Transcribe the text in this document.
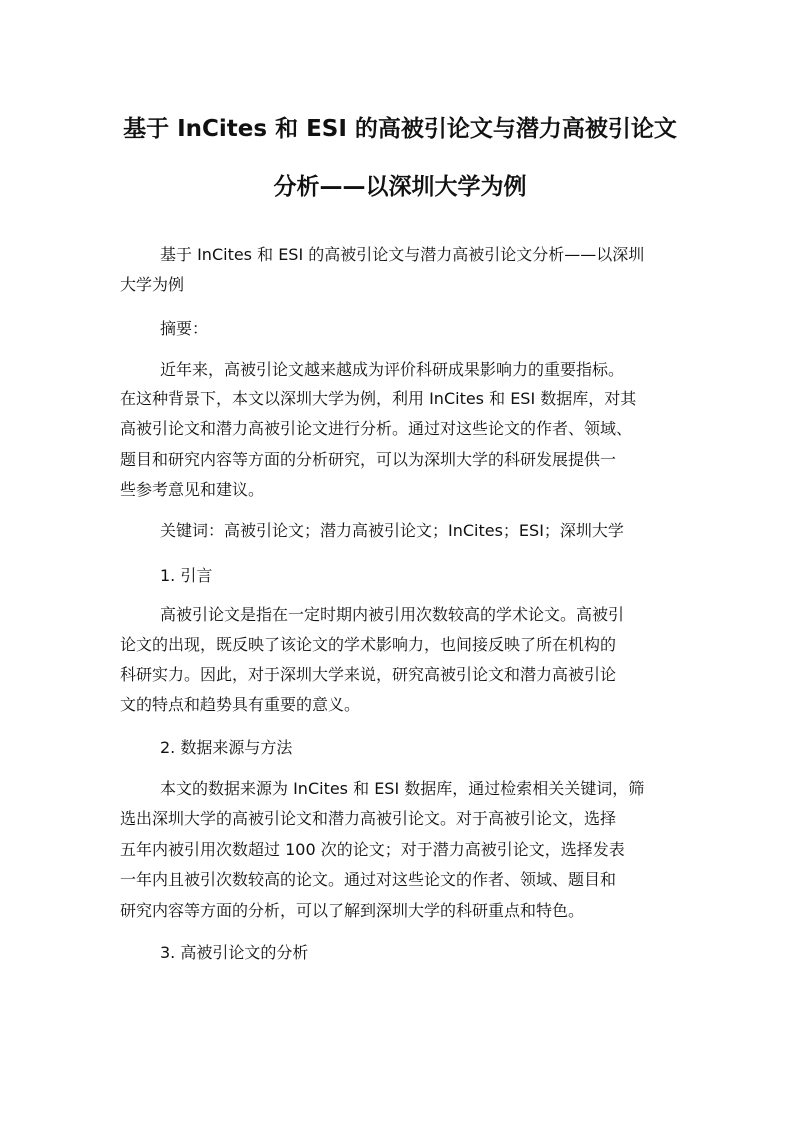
基于 InCites 和 ESI 的高被引论文与潜力高被引论文
分析——以深圳大学为例
基于 InCites 和 ESI 的高被引论文与潜力高被引论文分析——以深圳
大学为例
摘要：
近年来，高被引论文越来越成为评价科研成果影响力的重要指标。
在这种背景下，本文以深圳大学为例，利用 InCites 和 ESI 数据库，对其
高被引论文和潜力高被引论文进行分析。通过对这些论文的作者、领域、
题目和研究内容等方面的分析研究，可以为深圳大学的科研发展提供一
些参考意见和建议。
关键词：高被引论文；潜力高被引论文；InCites；ESI；深圳大学
1. 引言
高被引论文是指在一定时期内被引用次数较高的学术论文。高被引
论文的出现，既反映了该论文的学术影响力，也间接反映了所在机构的
科研实力。因此，对于深圳大学来说，研究高被引论文和潜力高被引论
文的特点和趋势具有重要的意义。
2. 数据来源与方法
本文的数据来源为 InCites 和 ESI 数据库，通过检索相关关键词，筛
选出深圳大学的高被引论文和潜力高被引论文。对于高被引论文，选择
五年内被引用次数超过 100 次的论文；对于潜力高被引论文，选择发表
一年内且被引次数较高的论文。通过对这些论文的作者、领域、题目和
研究内容等方面的分析，可以了解到深圳大学的科研重点和特色。
3. 高被引论文的分析
